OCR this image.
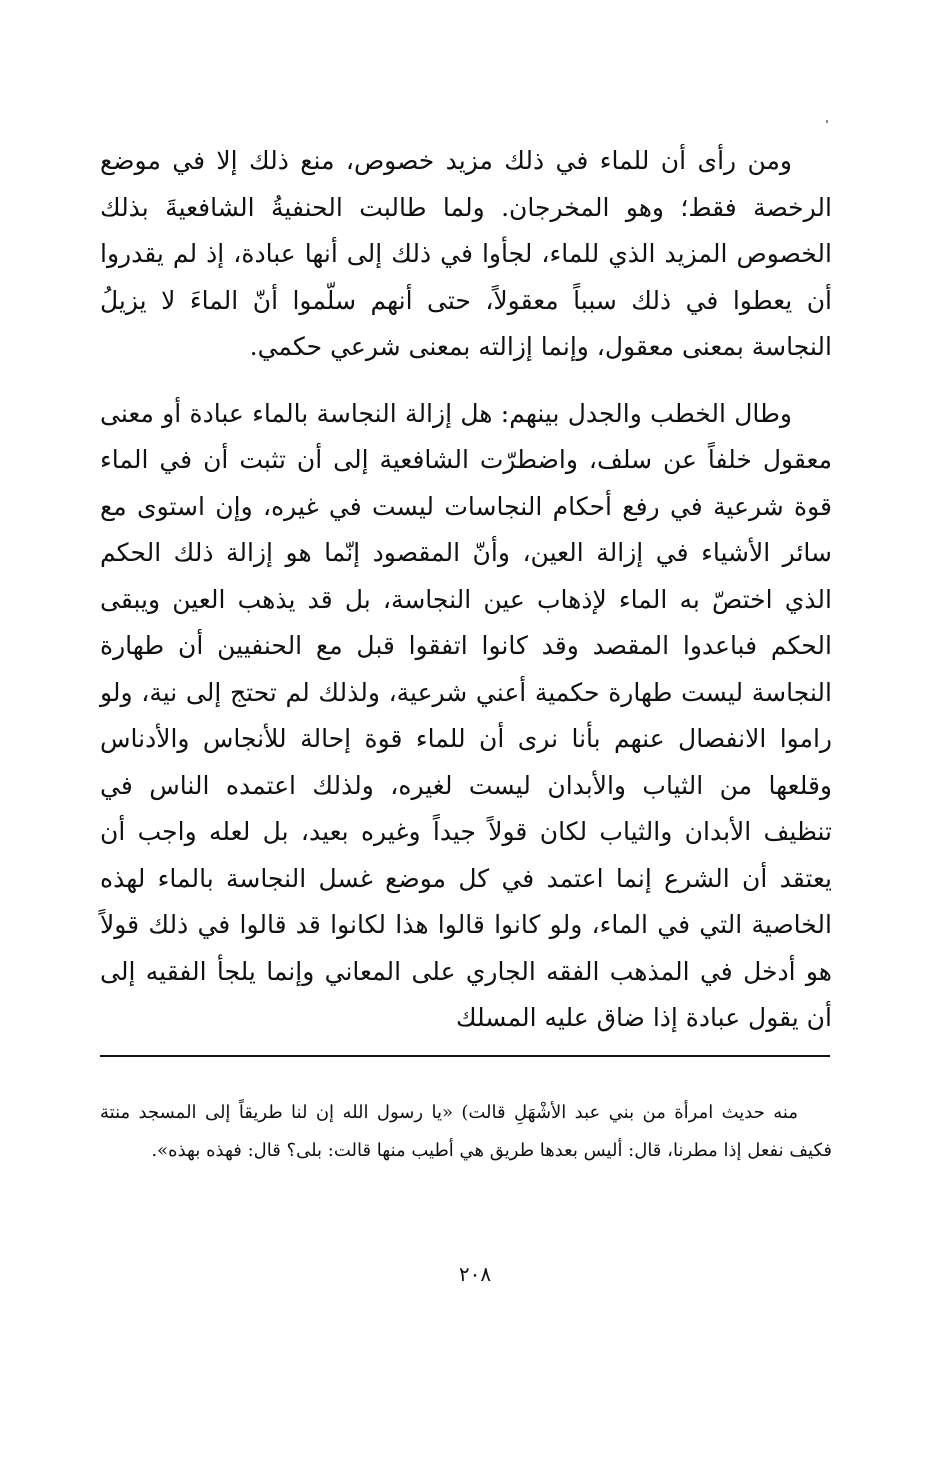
ومن رأى أن للماء في ذلك مزيد خصوص، منع ذلك إلا في موضع الرخصة فقط؛ وهو المخرجان. ولما طالبت الحنفيةُ الشافعيةَ بذلك الخصوص المزيد الذي للماء، لجأوا في ذلك إلى أنها عبادة، إذ لم يقدروا أن يعطوا في ذلك سبباً معقولاً، حتى أنهم سلّموا أنّ الماءَ لا يزيلُ النجاسة بمعنى معقول، وإنما إزالته بمعنى شرعي حكمي.

وطال الخطب والجدل بينهم: هل إزالة النجاسة بالماء عبادة أو معنى معقول خلفاً عن سلف، واضطرّت الشافعية إلى أن تثبت أن في الماء قوة شرعية في رفع أحكام النجاسات ليست في غيره، وإن استوى مع سائر الأشياء في إزالة العين، وأنّ المقصود إنّما هو إزالة ذلك الحكم الذي اختصّ به الماء لإذهاب عين النجاسة، بل قد يذهب العين ويبقى الحكم فباعدوا المقصد وقد كانوا اتفقوا قبل مع الحنفيين أن طهارة النجاسة ليست طهارة حكمية أعني شرعية، ولذلك لم تحتج إلى نية، ولو راموا الانفصال عنهم بأنا نرى أن للماء قوة إحالة للأنجاس والأدناس وقلعها من الثياب والأبدان ليست لغيره، ولذلك اعتمده الناس في تنظيف الأبدان والثياب لكان قولاً جيداً وغيره بعيد، بل لعله واجب أن يعتقد أن الشرع إنما اعتمد في كل موضع غسل النجاسة بالماء لهذه الخاصية التي في الماء، ولو كانوا قالوا هذا لكانوا قد قالوا في ذلك قولاً هو أدخل في المذهب الفقه الجاري على المعاني وإنما يلجأ الفقيه إلى أن يقول عبادة إذا ضاق عليه المسلك

منه حديث امرأة من بني عبد الأشْهَلِ قالت) «يا رسول الله إن لنا طريقاً إلى المسجد منتة فكيف نفعل إذا مطرنا، قال: أليس بعدها طريق هي أطيب منها قالت: بلى؟ قال: فهذه بهذه».

٢٠٨
